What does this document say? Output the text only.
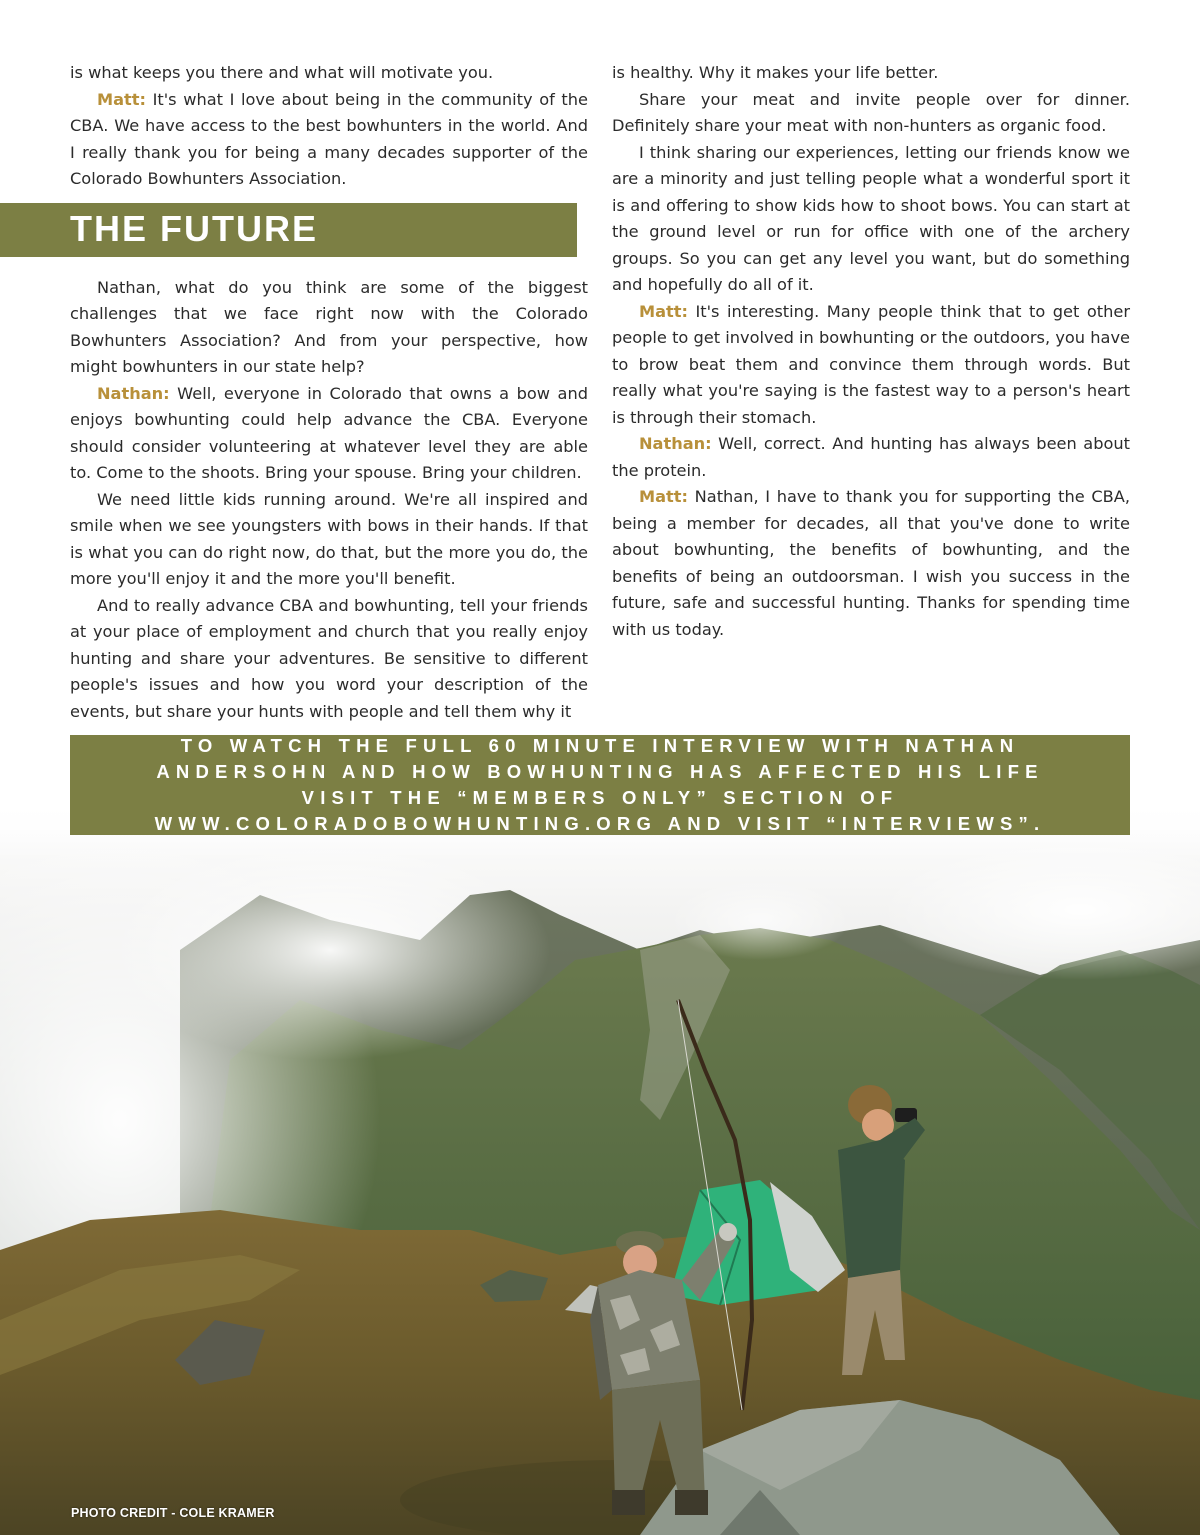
is what keeps you there and what will motivate you.

Matt: It's what I love about being in the community of the CBA. We have access to the best bowhunters in the world. And I really thank you for being a many decades supporter of the Colorado Bowhunters Association.

THE FUTURE

Nathan, what do you think are some of the biggest challenges that we face right now with the Colorado Bowhunters Association? And from your perspective, how might bowhunters in our state help?

Nathan: Well, everyone in Colorado that owns a bow and enjoys bowhunting could help advance the CBA. Everyone should consider volunteering at whatever level they are able to. Come to the shoots. Bring your spouse. Bring your children.

We need little kids running around. We're all inspired and smile when we see youngsters with bows in their hands. If that is what you can do right now, do that, but the more you do, the more you'll enjoy it and the more you'll benefit.

And to really advance CBA and bowhunting, tell your friends at your place of employment and church that you really enjoy hunting and share your adventures. Be sensitive to different people's issues and how you word your description of the events, but share your hunts with people and tell them why it

is healthy. Why it makes your life better.

Share your meat and invite people over for dinner. Definitely share your meat with non-hunters as organic food.

I think sharing our experiences, letting our friends know we are a minority and just telling people what a wonderful sport it is and offering to show kids how to shoot bows. You can start at the ground level or run for office with one of the archery groups. So you can get any level you want, but do something and hopefully do all of it.

Matt: It's interesting. Many people think that to get other people to get involved in bowhunting or the outdoors, you have to brow beat them and convince them through words. But really what you're saying is the fastest way to a person's heart is through their stomach.

Nathan: Well, correct. And hunting has always been about the protein.

Matt: Nathan, I have to thank you for supporting the CBA, being a member for decades, all that you've done to write about bowhunting, the benefits of bowhunting, and the benefits of being an outdoorsman. I wish you success in the future, safe and successful hunting. Thanks for spending time with us today.

TO WATCH THE FULL 60 MINUTE INTERVIEW WITH NATHAN ANDERSOHN AND HOW BOWHUNTING HAS AFFECTED HIS LIFE VISIT THE “MEMBERS ONLY” SECTION OF WWW.COLORADOBOWHUNTING.ORG AND VISIT “INTERVIEWS”.

PHOTO CREDIT - COLE KRAMER
